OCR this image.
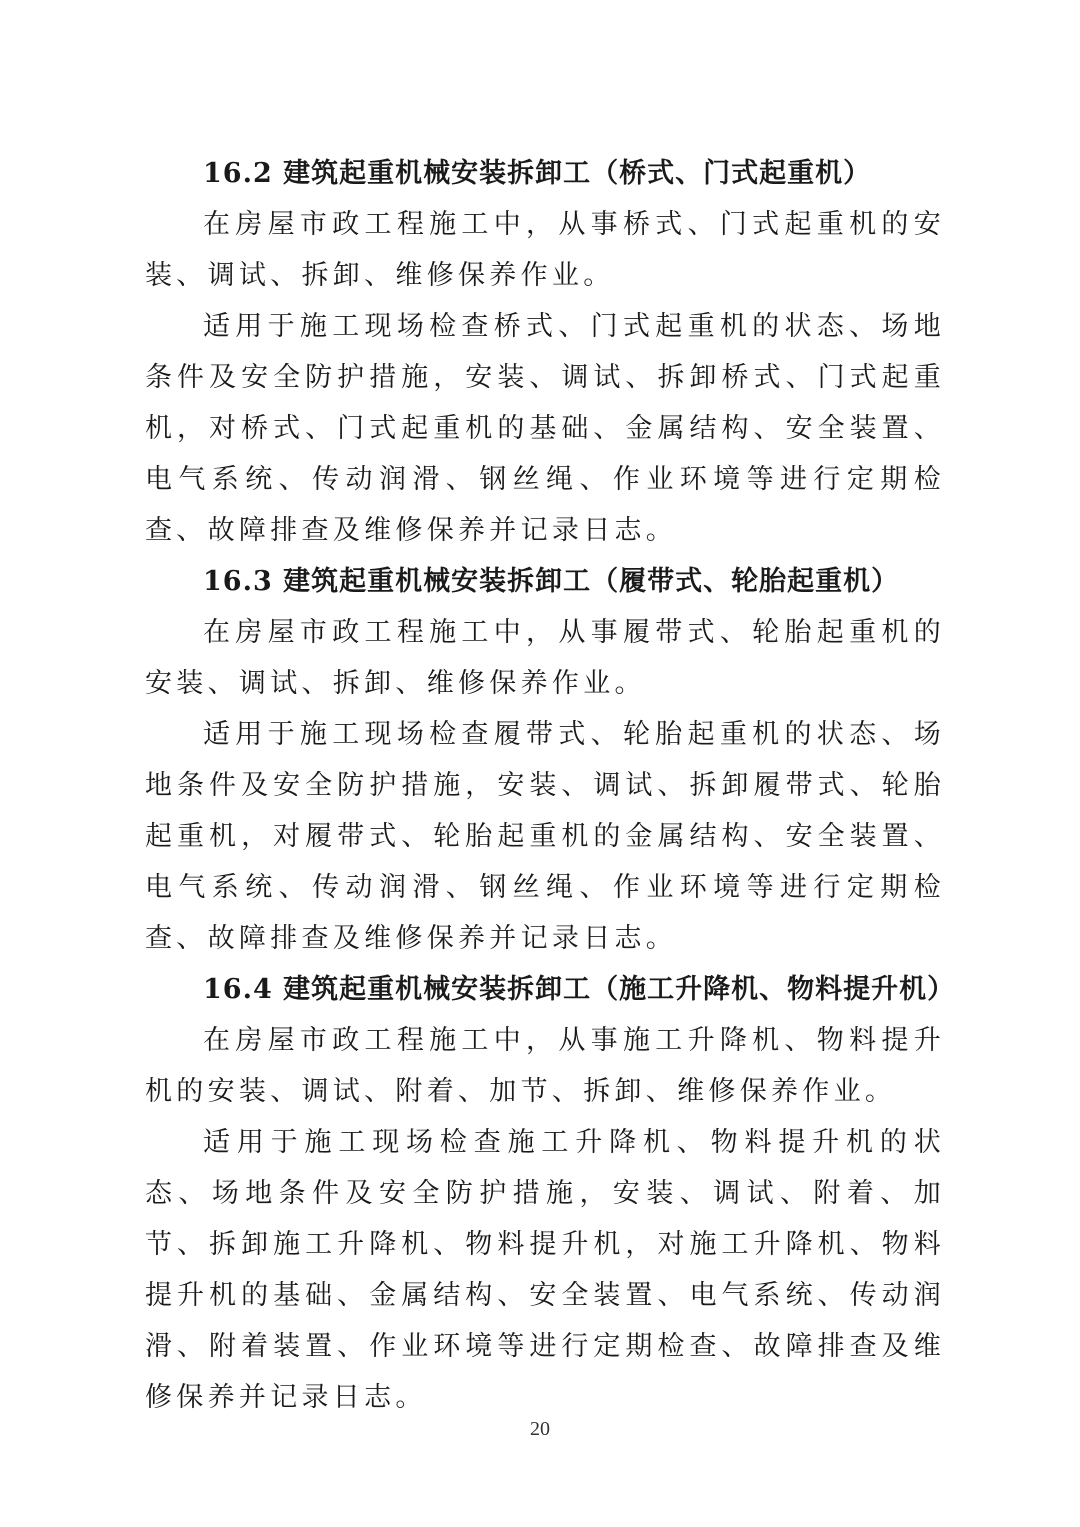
16.2 建筑起重机械安装拆卸工（桥式、门式起重机）

在房屋市政工程施工中，从事桥式、门式起重机的安装、调试、拆卸、维修保养作业。

适用于施工现场检查桥式、门式起重机的状态、场地条件及安全防护措施，安装、调试、拆卸桥式、门式起重机，对桥式、门式起重机的基础、金属结构、安全装置、电气系统、传动润滑、钢丝绳、作业环境等进行定期检查、故障排查及维修保养并记录日志。

16.3 建筑起重机械安装拆卸工（履带式、轮胎起重机）

在房屋市政工程施工中，从事履带式、轮胎起重机的安装、调试、拆卸、维修保养作业。

适用于施工现场检查履带式、轮胎起重机的状态、场地条件及安全防护措施，安装、调试、拆卸履带式、轮胎起重机，对履带式、轮胎起重机的金属结构、安全装置、电气系统、传动润滑、钢丝绳、作业环境等进行定期检查、故障排查及维修保养并记录日志。

16.4 建筑起重机械安装拆卸工（施工升降机、物料提升机）

在房屋市政工程施工中，从事施工升降机、物料提升机的安装、调试、附着、加节、拆卸、维修保养作业。

适用于施工现场检查施工升降机、物料提升机的状态、场地条件及安全防护措施，安装、调试、附着、加节、拆卸施工升降机、物料提升机，对施工升降机、物料提升机的基础、金属结构、安全装置、电气系统、传动润滑、附着装置、作业环境等进行定期检查、故障排查及维修保养并记录日志。

20
